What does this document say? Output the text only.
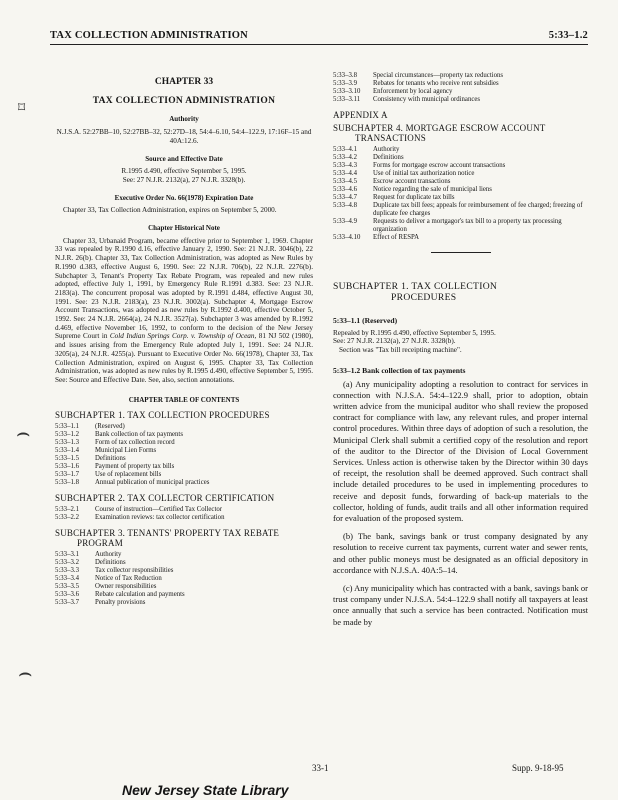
TAX COLLECTION ADMINISTRATION	5:33–1.2
⌑
⌢
⌢
CHAPTER 33
TAX COLLECTION ADMINISTRATION
Authority

N.J.S.A. 52:27BB–10, 52:27BB–32, 52:27D–18, 54:4–6.10, 54:4–122.9, 17:16F–15 and 40A:12.6.

Source and Effective Date

R.1995 d.490, effective September 5, 1995.

See: 27 N.J.R. 2132(a), 27 N.J.R. 3328(b).

Executive Order No. 66(1978) Expiration Date

Chapter 33, Tax Collection Administration, expires on September 5, 2000.

Chapter Historical Note

Chapter 33, Urbanaid Program, became effective prior to September 1, 1969. Chapter 33 was repealed by R.1990 d.16, effective January 2, 1990. See: 21 N.J.R. 3046(b), 22 N.J.R. 26(b). Chapter 33, Tax Collection Administration, was adopted as New Rules by R.1990 d.383, effective August 6, 1990. See: 22 N.J.R. 706(b), 22 N.J.R. 2276(b). Subchapter 3, Tenant's Property Tax Rebate Program, was repealed and new rules adopted, effective July 1, 1991, by Emergency Rule R.1991 d.383. See: 23 N.J.R. 2183(a). The concurrent proposal was adopted by R.1991 d.484, effective August 30, 1991. See: 23 N.J.R. 2183(a), 23 N.J.R. 3002(a). Subchapter 4, Mortgage Escrow Account Transactions, was adopted as new rules by R.1992 d.400, effective October 5, 1992. See: 24 N.J.R. 2664(a), 24 N.J.R. 3527(a). Subchapter 3 was amended by R.1992 d.469, effective November 16, 1992, to conform to the decision of the New Jersey Supreme Court in Cold Indian Springs Corp. v. Township of Ocean, 81 NJ 502 (1980), and issues arising from the Emergency Rule adopted July 1, 1991. See: 24 N.J.R. 3205(a), 24 N.J.R. 4255(a). Pursuant to Executive Order No. 66(1978), Chapter 33, Tax Collection Administration, expired on August 6, 1995. Chapter 33, Tax Collection Administration, was adopted as new rules by R.1995 d.490, effective September 5, 1995. See: Source and Effective Date. See, also, section annotations.

CHAPTER TABLE OF CONTENTS
SUBCHAPTER 1. TAX COLLECTION PROCEDURES
5:33–1.1	(Reserved)
5:33–1.2	Bank collection of tax payments
5:33–1.3	Form of tax collection record
5:33–1.4	Municipal Lien Forms
5:33–1.5	Definitions
5:33–1.6	Payment of property tax bills
5:33–1.7	Use of replacement bills
5:33–1.8	Annual publication of municipal practices
SUBCHAPTER 2. TAX COLLECTOR CERTIFICATION
5:33–2.1	Course of instruction—Certified Tax Collector
5:33–2.2	Examination reviews: tax collector certification
SUBCHAPTER 3. TENANTS' PROPERTY TAX REBATE
PROGRAM
5:33–3.1	Authority
5:33–3.2	Definitions
5:33–3.3	Tax collector responsibilities
5:33–3.4	Notice of Tax Reduction
5:33–3.5	Owner responsibilities
5:33–3.6	Rebate calculation and payments
5:33–3.7	Penalty provisions
5:33–3.8	Special circumstances—property tax reductions
5:33–3.9	Rebates for tenants who receive rent subsidies
5:33–3.10	Enforcement by local agency
5:33–3.11	Consistency with municipal ordinances
APPENDIX A
SUBCHAPTER 4. MORTGAGE ESCROW ACCOUNT
TRANSACTIONS
5:33–4.1	Authority
5:33–4.2	Definitions
5:33–4.3	Forms for mortgage escrow account transactions
5:33–4.4	Use of initial tax authorization notice
5:33–4.5	Escrow account transactions
5:33–4.6	Notice regarding the sale of municipal liens
5:33–4.7	Request for duplicate tax bills
5:33–4.8	Duplicate tax bill fees; appeals for reimbursement of fee charged; freezing of duplicate fee charges
5:33–4.9	Requests to deliver a mortgagor's tax bill to a property tax processing organization
5:33–4.10	Effect of RESPA
SUBCHAPTER 1. TAX COLLECTION
PROCEDURES
5:33–1.1 (Reserved)

Repealed by R.1995 d.490, effective September 5, 1995.

See: 27 N.J.R. 2132(a), 27 N.J.R. 3328(b).

Section was "Tax bill receipting machine".

5:33–1.2 Bank collection of tax payments

(a) Any municipality adopting a resolution to contract for services in connection with N.J.S.A. 54:4–122.9 shall, prior to adoption, obtain written advice from the municipal auditor who shall review the proposed contract for compliance with law, any relevant rules, and proper internal control procedures. Within three days of adoption of such a resolution, the Municipal Clerk shall submit a certified copy of the resolution and report of the auditor to the Director of the Division of Local Government Services. Unless action is otherwise taken by the Director within 30 days of receipt, the resolution shall be deemed approved. Such contract shall include detailed procedures to be used in implementing procedures to receive and deposit funds, forwarding of back-up materials to the collector, holding of funds, audit trails and all other information required for evaluation of the proposed system.

(b) The bank, savings bank or trust company designated by any resolution to receive current tax payments, current water and sewer rents, and other public moneys must be designated as an official depository in accordance with N.J.S.A. 40A:5–14.

(c) Any municipality which has contracted with a bank, savings bank or trust company under N.J.S.A. 54:4–122.9 shall notify all taxpayers at least once annually that such a service has been contracted. Notification must be made by

33-1	Supp. 9-18-95
New Jersey State Library
